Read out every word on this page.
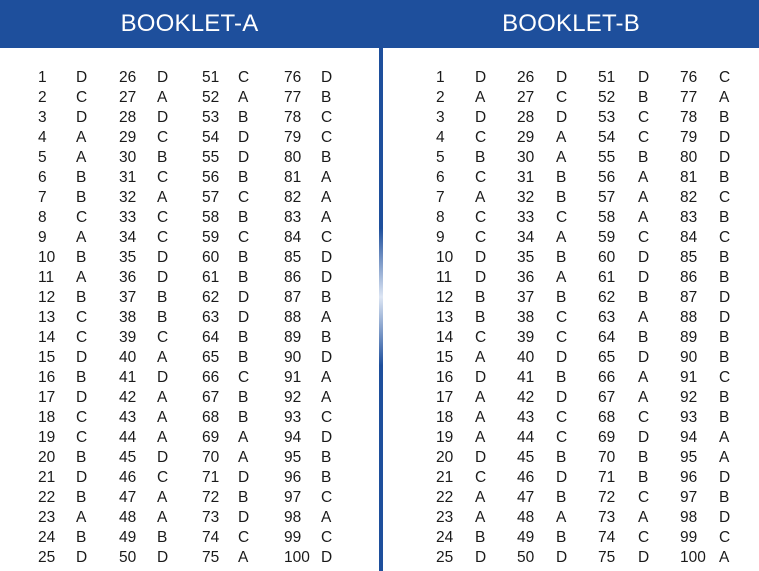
BOOKLET-A
1 D
2 C
3 D
4 A
5 A
6 B
7 B
8 C
9 A
10 B
11 A
12 B
13 C
14 C
15 D
16 B
17 D
18 C
19 C
20 B
21 D
22 B
23 A
24 B
25 D
26 D
27 A
28 D
29 C
30 B
31 C
32 A
33 C
34 C
35 D
36 D
37 B
38 B
39 C
40 A
41 D
42 A
43 A
44 A
45 D
46 C
47 A
48 A
49 B
50 D
51 C
52 A
53 B
54 D
55 D
56 B
57 C
58 B
59 C
60 B
61 B
62 D
63 D
64 B
65 B
66 C
67 B
68 B
69 A
70 A
71 D
72 B
73 D
74 C
75 A
76 D
77 B
78 C
79 C
80 B
81 A
82 A
83 A
84 C
85 D
86 D
87 B
88 A
89 B
90 D
91 A
92 A
93 C
94 D
95 B
96 B
97 C
98 A
99 C
100 D
BOOKLET-B
1 D
2 A
3 D
4 C
5 B
6 C
7 A
8 C
9 C
10 D
11 D
12 B
13 B
14 C
15 A
16 D
17 A
18 A
19 A
20 D
21 C
22 A
23 A
24 B
25 D
26 D
27 C
28 D
29 A
30 A
31 B
32 B
33 C
34 A
35 B
36 A
37 B
38 C
39 C
40 D
41 B
42 D
43 C
44 C
45 B
46 D
47 B
48 A
49 B
50 D
51 D
52 B
53 C
54 C
55 B
56 A
57 A
58 A
59 C
60 D
61 D
62 B
63 A
64 B
65 D
66 A
67 A
68 C
69 D
70 B
71 B
72 C
73 A
74 C
75 D
76 C
77 A
78 B
79 D
80 D
81 B
82 C
83 B
84 C
85 B
86 B
87 D
88 D
89 B
90 B
91 C
92 B
93 B
94 A
95 A
96 D
97 B
98 D
99 C
100 A
